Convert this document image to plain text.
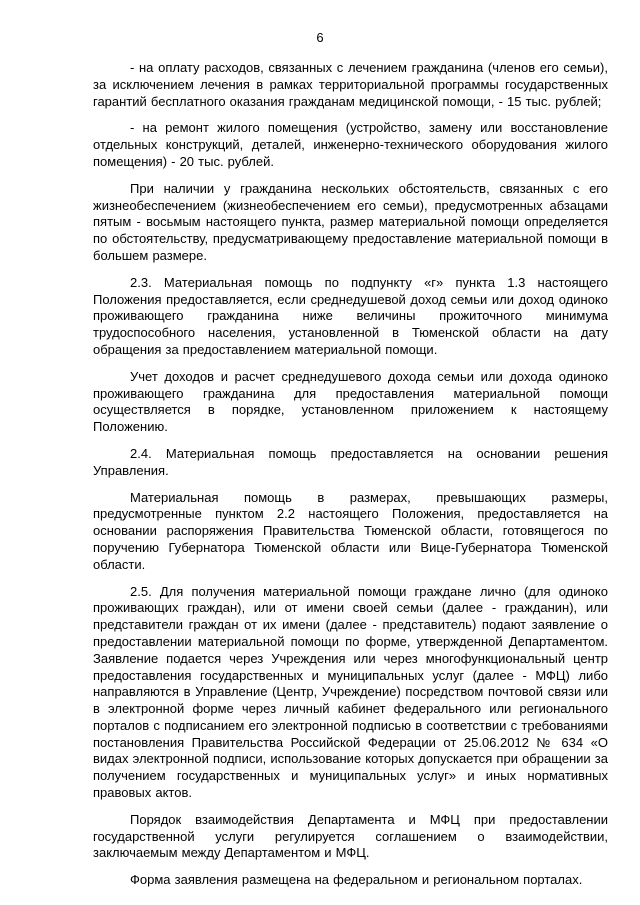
6

- на оплату расходов, связанных с лечением гражданина (членов его семьи), за исключением лечения в рамках территориальной программы государственных гарантий бесплатного оказания гражданам медицинской помощи, - 15 тыс. рублей;

- на ремонт жилого помещения (устройство, замену или восстановление отдельных конструкций, деталей, инженерно-технического оборудования жилого помещения) - 20 тыс. рублей.

При наличии у гражданина нескольких обстоятельств, связанных с его жизнеобеспечением (жизнеобеспечением его семьи), предусмотренных абзацами пятым - восьмым настоящего пункта, размер материальной помощи определяется по обстоятельству, предусматривающему предоставление материальной помощи в большем размере.

2.3. Материальная помощь по подпункту «г» пункта 1.3 настоящего Положения предоставляется, если среднедушевой доход семьи или доход одиноко проживающего гражданина ниже величины прожиточного минимума трудоспособного населения, установленной в Тюменской области на дату обращения за предоставлением материальной помощи.

Учет доходов и расчет среднедушевого дохода семьи или дохода одиноко проживающего гражданина для предоставления материальной помощи осуществляется в порядке, установленном приложением к настоящему Положению.

2.4. Материальная помощь предоставляется на основании решения Управления.

Материальная помощь в размерах, превышающих размеры, предусмотренные пунктом 2.2 настоящего Положения, предоставляется на основании распоряжения Правительства Тюменской области, готовящегося по поручению Губернатора Тюменской области или Вице-Губернатора Тюменской области.

2.5. Для получения материальной помощи граждане лично (для одиноко проживающих граждан), или от имени своей семьи (далее - гражданин), или представители граждан от их имени (далее - представитель) подают заявление о предоставлении материальной помощи по форме, утвержденной Департаментом. Заявление подается через Учреждения или через многофункциональный центр предоставления государственных и муниципальных услуг (далее - МФЦ) либо направляются в Управление (Центр, Учреждение) посредством почтовой связи или в электронной форме через личный кабинет федерального или регионального порталов с подписанием его электронной подписью в соответствии с требованиями постановления Правительства Российской Федерации от 25.06.2012 № 634 «О видах электронной подписи, использование которых допускается при обращении за получением государственных и муниципальных услуг» и иных нормативных правовых актов.

Порядок взаимодействия Департамента и МФЦ при предоставлении государственной услуги регулируется соглашением о взаимодействии, заключаемым между Департаментом и МФЦ.

Форма заявления размещена на федеральном и региональном порталах.
